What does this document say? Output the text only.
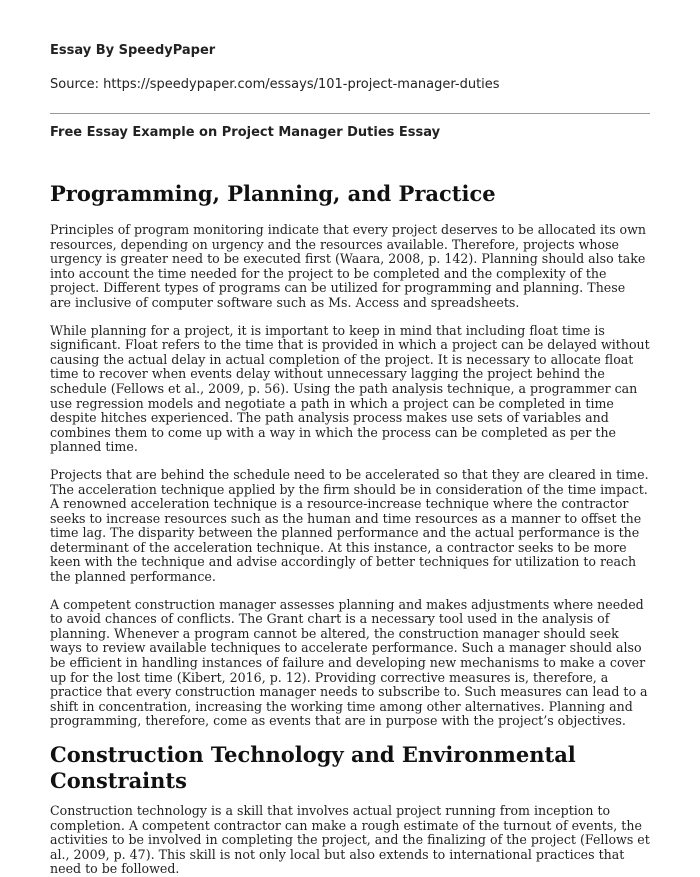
Essay By SpeedyPaper
Source: https://speedypaper.com/essays/101-project-manager-duties
Free Essay Example on Project Manager Duties Essay
Programming, Planning, and Practice

Principles of program monitoring indicate that every project deserves to be allocated its own resources, depending on urgency and the resources available. Therefore, projects whose urgency is greater need to be executed first (Waara, 2008, p. 142). Planning should also take into account the time needed for the project to be completed and the complexity of the project. Different types of programs can be utilized for programming and planning. These are inclusive of computer software such as Ms. Access and spreadsheets.

While planning for a project, it is important to keep in mind that including float time is significant. Float refers to the time that is provided in which a project can be delayed without causing the actual delay in actual completion of the project. It is necessary to allocate float time to recover when events delay without unnecessary lagging the project behind the schedule (Fellows et al., 2009, p. 56). Using the path analysis technique, a programmer can use regression models and negotiate a path in which a project can be completed in time despite hitches experienced. The path analysis process makes use sets of variables and combines them to come up with a way in which the process can be completed as per the planned time.

Projects that are behind the schedule need to be accelerated so that they are cleared in time. The acceleration technique applied by the firm should be in consideration of the time impact. A renowned acceleration technique is a resource-increase technique where the contractor seeks to increase resources such as the human and time resources as a manner to offset the time lag. The disparity between the planned performance and the actual performance is the determinant of the acceleration technique. At this instance, a contractor seeks to be more keen with the technique and advise accordingly of better techniques for utilization to reach the planned performance.

A competent construction manager assesses planning and makes adjustments where needed to avoid chances of conflicts. The Grant chart is a necessary tool used in the analysis of planning. Whenever a program cannot be altered, the construction manager should seek ways to review available techniques to accelerate performance. Such a manager should also be efficient in handling instances of failure and developing new mechanisms to make a cover up for the lost time (Kibert, 2016, p. 12). Providing corrective measures is, therefore, a practice that every construction manager needs to subscribe to. Such measures can lead to a shift in concentration, increasing the working time among other alternatives. Planning and programming, therefore, come as events that are in purpose with the project’s objectives.

Construction Technology and Environmental Constraints

Construction technology is a skill that involves actual project running from inception to completion. A competent contractor can make a rough estimate of the turnout of events, the activities to be involved in completing the project, and the finalizing of the project (Fellows et al., 2009, p. 47). This skill is not only local but also extends to international practices that need to be followed.
